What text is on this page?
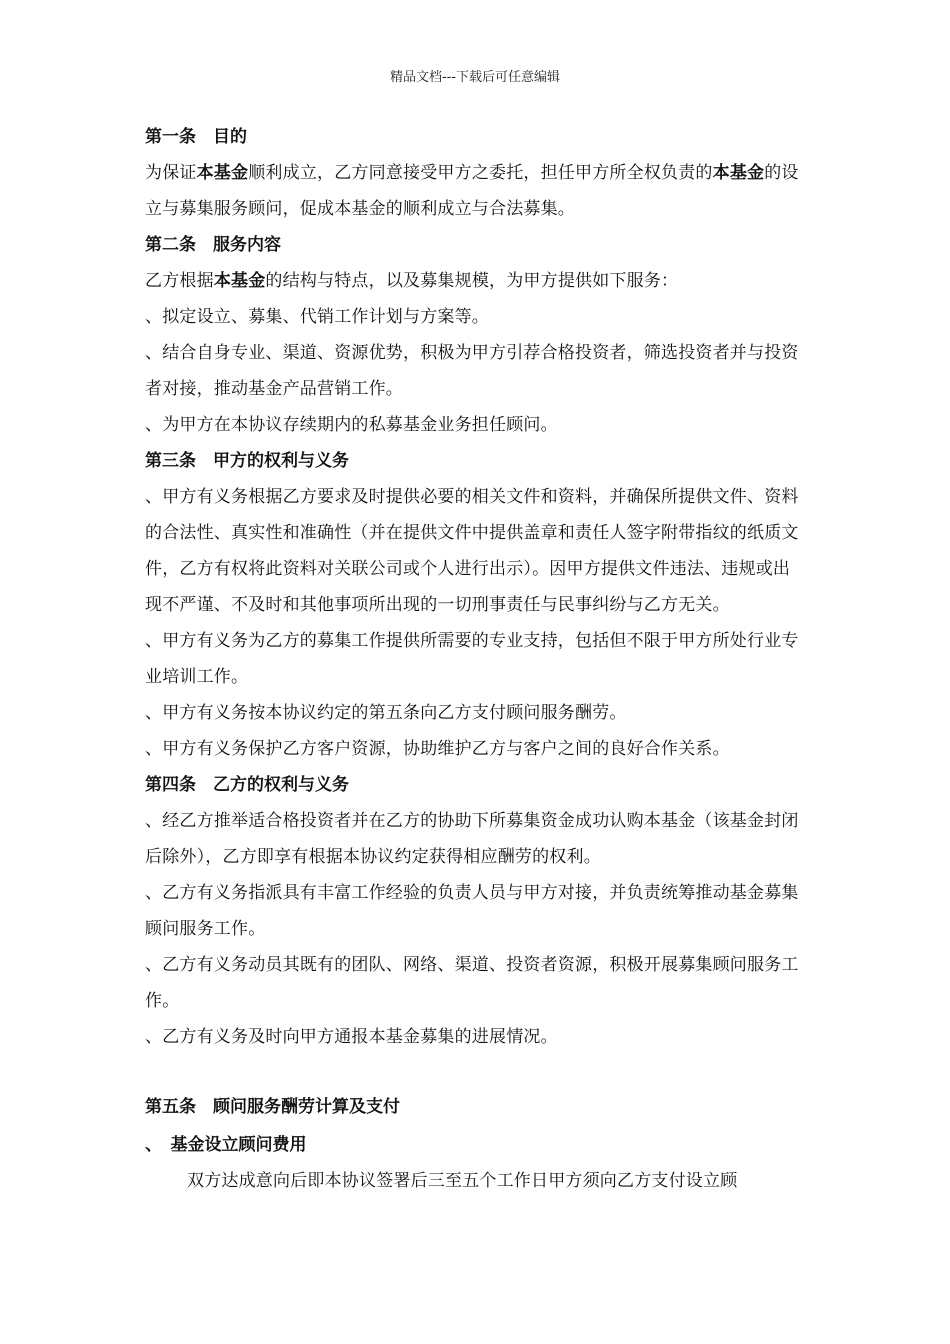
精品文档---下载后可任意编辑
第一条　目的

为保证本基金顺利成立，乙方同意接受甲方之委托，担任甲方所全权负责的本基金的设立与募集服务顾问，促成本基金的顺利成立与合法募集。

第二条　服务内容

乙方根据本基金的结构与特点，以及募集规模，为甲方提供如下服务：

、拟定设立、募集、代销工作计划与方案等。

、结合自身专业、渠道、资源优势，积极为甲方引荐合格投资者，筛选投资者并与投资者对接，推动基金产品营销工作。

、为甲方在本协议存续期内的私募基金业务担任顾问。

第三条　甲方的权利与义务

、甲方有义务根据乙方要求及时提供必要的相关文件和资料，并确保所提供文件、资料的合法性、真实性和准确性（并在提供文件中提供盖章和责任人签字附带指纹的纸质文件，乙方有权将此资料对关联公司或个人进行出示）。因甲方提供文件违法、违规或出现不严谨、不及时和其他事项所出现的一切刑事责任与民事纠纷与乙方无关。

、甲方有义务为乙方的募集工作提供所需要的专业支持，包括但不限于甲方所处行业专业培训工作。

、甲方有义务按本协议约定的第五条向乙方支付顾问服务酬劳。

、甲方有义务保护乙方客户资源，协助维护乙方与客户之间的良好合作关系。

第四条　乙方的权利与义务

、经乙方推举适合格投资者并在乙方的协助下所募集资金成功认购本基金（该基金封闭后除外），乙方即享有根据本协议约定获得相应酬劳的权利。

、乙方有义务指派具有丰富工作经验的负责人员与甲方对接，并负责统筹推动基金募集顾问服务工作。

、乙方有义务动员其既有的团队、网络、渠道、投资者资源，积极开展募集顾问服务工作。

、乙方有义务及时向甲方通报本基金募集的进展情况。

第五条　顾问服务酬劳计算及支付
、　基金设立顾问费用

双方达成意向后即本协议签署后三至五个工作日甲方须向乙方支付设立顾
